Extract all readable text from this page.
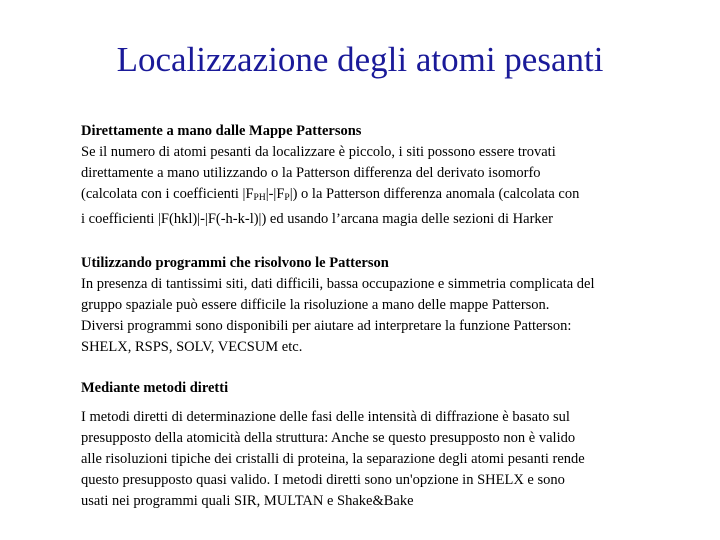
Localizzazione degli atomi pesanti

Direttamente a mano dalle Mappe Pattersons

Se il numero di atomi pesanti da localizzare è piccolo, i siti possono essere trovati

direttamente a mano utilizzando o la Patterson differenza del derivato isomorfo

(calcolata con i coefficienti $|F_{PH}|-|F_P|$) o la Patterson differenza anomala (calcolata con

i coefficienti |F(hkl)|-|F(-h-k-l)|) ed usando l’arcana magia delle sezioni di Harker

Utilizzando programmi che risolvono le Patterson

In presenza di tantissimi siti, dati difficili, bassa occupazione e simmetria complicata del

gruppo spaziale può essere difficile la risoluzione a mano delle mappe Patterson.

Diversi programmi sono disponibili per aiutare ad interpretare la funzione Patterson:

SHELX, RSPS, SOLV, VECSUM etc.

Mediante metodi diretti

I metodi diretti di determinazione delle fasi delle intensità di diffrazione è basato sul

presupposto della atomicità della struttura: Anche se questo presupposto non è valido

alle risoluzioni tipiche dei cristalli di proteina, la separazione degli atomi pesanti rende

questo presupposto quasi valido. I metodi diretti sono un'opzione in SHELX e sono

usati nei programmi quali SIR, MULTAN e Shake&Bake
